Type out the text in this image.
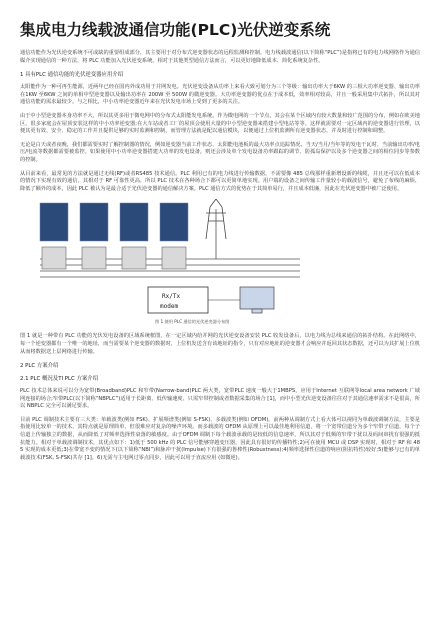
集成电力线载波通信功能(PLC)光伏逆变系统

通信功能作为光伏逆变系统不可或缺的重要组成部分，其主要用于对分布式逆变器状态的远程监测和控制。电力线载波通信(以下简称“PLC”)是指将已有的电力线网络作为通信媒介实现通信的一种方法，将 PLC 功能加入光伏逆变系统，相对于其他类型通信方法而言，可以更好地降低成本、简化系统复杂性。

1 具有PLC 通信功能的光伏逆变器应用介绍

太阳能作为一种可再生能源，近两年已经在国内外成功用于并网发电。光伏逆变设备从功率上来看大致可划分为三个等级：输出功率大于6KW 的三相大功率逆变器、输出功率在1KW 至6KW 之间的单相中型逆变器以及输出功率在 200W 至 500W 的微逆变器。大功率逆变器的优点在于成本低，效率相对较高，并且一般采用集中式拓扑，所以其对通信功能的需求最较少。与之相比，中小功率逆变器近年来在光伏发电市场上受到了更多的关注。

由于中小型逆变器本身功率不大，所以其更多用于微电网中的分布式太阳能发电系统。作为微电网的一个节点，其会在某个区域内有较大数量和较广范围的分布，例如在欧美地区，很多家庭会在屋顶安装这样的中小功率逆变器;在大车站或者工厂的屋顶会使用大量的中小型逆变器来搭建小型电站等等。这样就需要对一定区域内的逆变器进行管理，以便其更有效、安全、稳定的工作并且提供足够的实时监测和控制，而管理方法就是配以通信模块，以便通过上位机监测所有逆变器状态，并及时进行控制和调整。

无论是白天或者夜晚，我们都需要实时了解控制器的情况，例如逆变器当前工作状态、太阳能电池板的最大功率点追踪情况、当天/当月/当年等的发电干瓦时、当前输出功率/电压/电流等数据都需要被监控。如果使用中小功率逆变器搭建大功率的发电设备，则还会涉及单个发电设备功率跟踪的调节、防孤岛保护以及多个逆变器之间的相位同步等参数的控制。

从目前来看，最常见的方法就是通过无线(RF)或者RS485 技术通信。PLC 利用已有的电力线进行传输数据，不需要像 485 总线那样重新增设新的线缆，并且还可以在低成本的情况下实现有效的通信，其相对于 RF 可靠性更高，所以 PLC 技术在各种场合下都可以更简单地实现。用户端的设备之间传输工作量较小的载波信号，避免了布线的麻烦、降低了额外的成本，因此 PLC 被认为是最合适于光伏逆变器的通信解决方案。PLC 通信方式的优势在于其简单易行，并且成本低廉，因此在光伏逆变器中被广泛使用。

Rx/Tx
modem
图 1 使用 PLC 通信的光伏逆变器分布图

图 1 就是一种带有 PLC 功能的光伏发电设备的区域系统框图，在一定区域内给并网的光伏逆变设备安装 PLC 收发设备后，以电力线为总线来通信的拓扑结构。在此网络中，每一个逆变器都有一个唯一的地址，而当需要某个逆变器的数据时，上位机发送含有该地址的指令，只有对应地址的逆变器才会响应并返回其状态数据，还可以为其扩展上位机从而将数据送上层网络进行传输。

2 PLC 方案介绍

2.1 PLC 概况及TI PLC 方案介绍

PLC 技术总体来说可以分为宽带(Broadband)PLC 和窄带(Narrow-band)PLC 两大类，宽带PLC 速度一般大于1MBPS，应用于Internet 互联网等local area network 广域网连接的场合;窄带PLC(以下简称“NBPLC”)适用于长距离、低传输速度、只需窄带控制或者数据采集的场合 [1]，而中小型光伏逆变设备往往对于其通信速率需求不是很高，所以 NBPLC 完全可以满足要求。

目前 PLC 调制技术主要有三大类：单载波类(例如 FSK)、扩展频谱类(例如 S-FSK)、多载波类(例如 OFDM)。前两种从调制方式上看大体可以视同为单载波调制方法，主要是指使用比较单一的技术，其特点就是原理简单，但很难应对复杂的噪声环境。而多载波的 OFDM 从原理上可以最佳地利用信道，将一个宽带信道分为多个窄带子信道，每个子信道上传输独立的数据，从而降低了对频率选择性衰落的敏感度。由于OFDM 调制下每个载波承载的是较低的信息速率，所以其对于低频的窄带干扰以及码间串扰有很强的抵抗能力。相对于单载波调制技术，其优点如下：1)低于 500 kHz 的 PLC 信号能够穿越变压器，因此具有很好的传播特性;2)可在使用 MCU 或 DSP 实现时，相对于 RF 和 485 实现的成本更低;3)在带宽不变的情况下(以下简称“NBI”)和脉冲干扰(Impulse)下有很强的鲁棒性(Robustness);4)频率选择性信道的响应(阻抗特性)较好;5)能够与已有的单载波技术(FSK, S-FSK)共存 [1]。6)无需与主电网过零点同步，因此可以用于直流应用 (如微逆)。
